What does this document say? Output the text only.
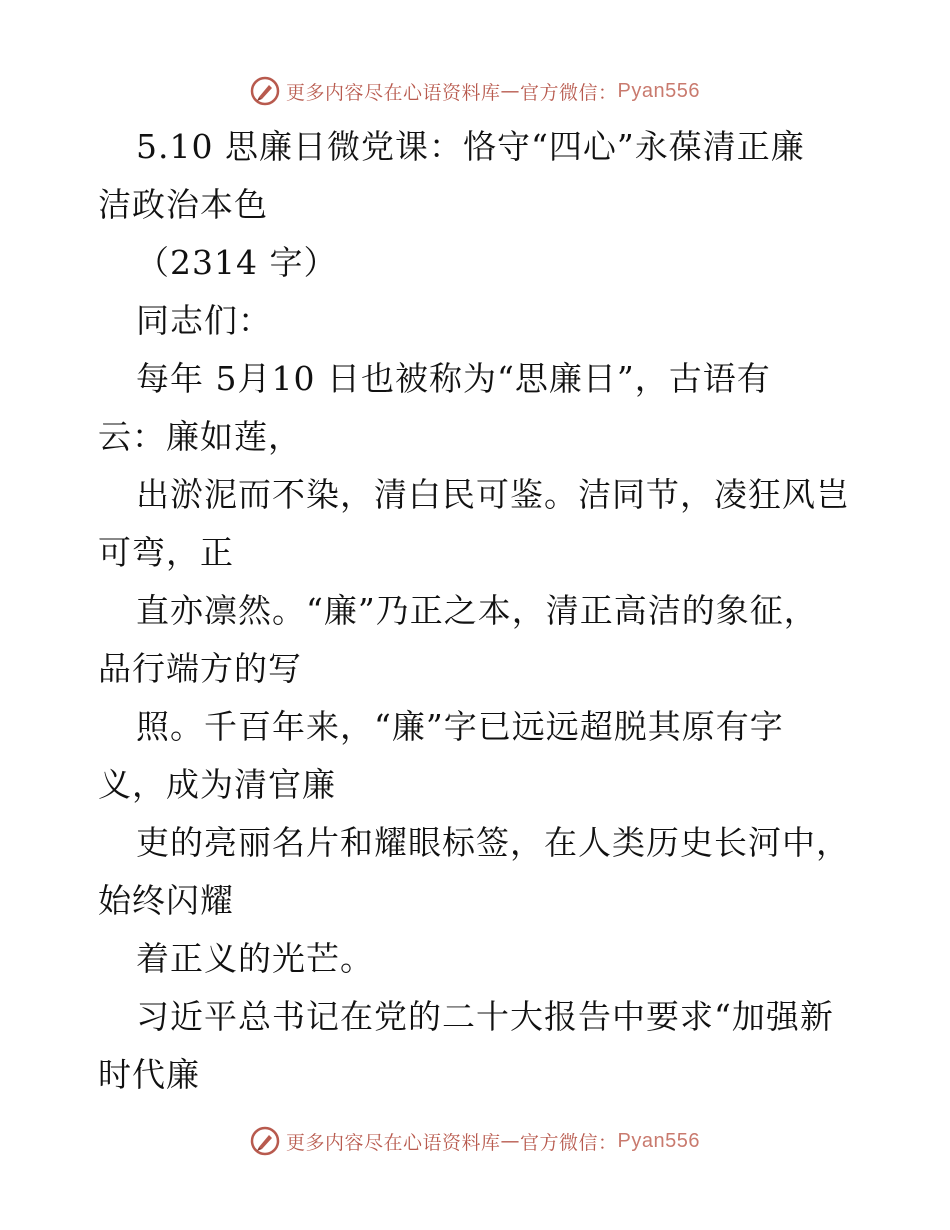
更多内容尽在心语资料库 — 官方微信： Pyan556
5.10 思廉日微党课：恪守“四心”永葆清正廉
洁政治本色
（2314 字）
同志们：
每年 5月10 日也被称为“思廉日”，古语有
云：廉如莲，
出淤泥而不染，清白民可鉴。洁同节，凌狂风岂
可弯，正
直亦凛然。“廉”乃正之本，清正高洁的象征，
品行端方的写
照。千百年来，“廉”字已远远超脱其原有字
义，成为清官廉
吏的亮丽名片和耀眼标签，在人类历史长河中，
始终闪耀
着正义的光芒。
习近平总书记在党的二十大报告中要求“加强新
时代廉
更多内容尽在心语资料库 — 官方微信： Pyan556
